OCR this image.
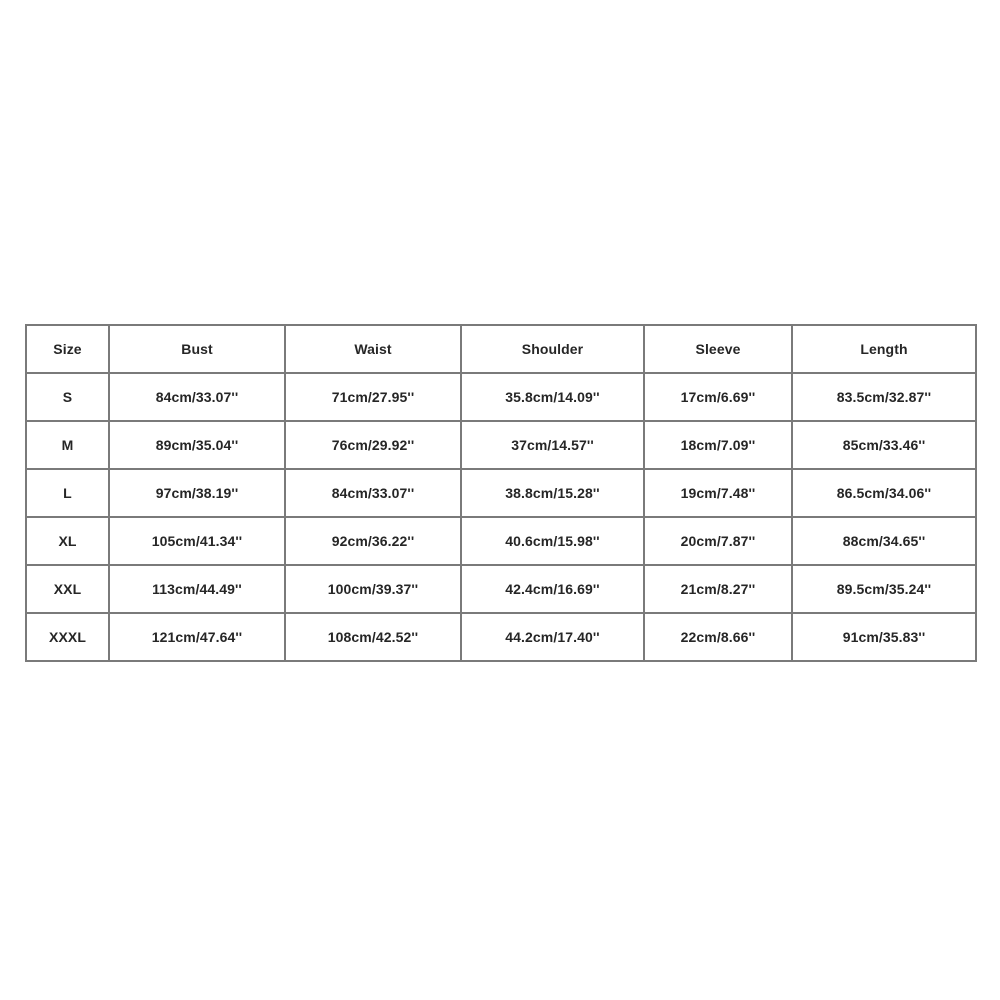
Size	Bust	Waist	Shoulder	Sleeve	Length
S	84cm/33.07''	71cm/27.95''	35.8cm/14.09''	17cm/6.69''	83.5cm/32.87''
M	89cm/35.04''	76cm/29.92''	37cm/14.57''	18cm/7.09''	85cm/33.46''
L	97cm/38.19''	84cm/33.07''	38.8cm/15.28''	19cm/7.48''	86.5cm/34.06''
XL	105cm/41.34''	92cm/36.22''	40.6cm/15.98''	20cm/7.87''	88cm/34.65''
XXL	113cm/44.49''	100cm/39.37''	42.4cm/16.69''	21cm/8.27''	89.5cm/35.24''
XXXL	121cm/47.64''	108cm/42.52''	44.2cm/17.40''	22cm/8.66''	91cm/35.83''
